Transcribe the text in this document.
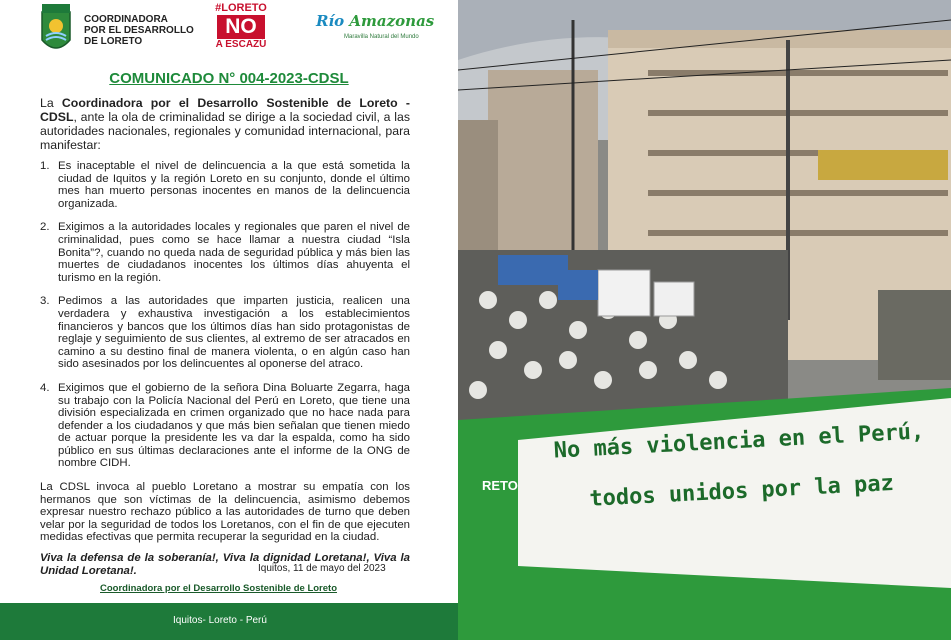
COORDINADORA
POR EL DESARROLLO
DE LORETO
#LORETO
NO
A ESCAZÚ
Río Amazonas
Maravilla Natural del Mundo
COMUNICADO N° 004-2023-CDSL

La Coordinadora por el Desarrollo Sostenible de Loreto - CDSL, ante la ola de criminalidad se dirige a la sociedad civil, a las autoridades nacionales, regionales y comunidad internacional, para manifestar:

1. Es inaceptable el nivel de delincuencia a la que está sometida la ciudad de Iquitos y la región Loreto en su conjunto, donde el último mes han muerto personas inocentes en manos de la delincuencia organizada.
2. Exigimos a la autoridades locales y regionales que paren el nivel de criminalidad, pues como se hace llamar a nuestra ciudad “Isla Bonita”?, cuando no queda nada de seguridad pública y más bien las muertes de ciudadanos inocentes los últimos días ahuyenta el turismo en la región.
3. Pedimos a las autoridades que imparten justicia, realicen una verdadera y exhaustiva investigación a los establecimientos financieros y bancos que los últimos días han sido protagonistas de reglaje y seguimiento de sus clientes, al extremo de ser atracados en camino a su destino final de manera violenta, o en algún caso han sido asesinados por los delincuentes al oponerse del atraco.
4. Exigimos que el gobierno de la señora Dina Boluarte Zegarra, haga su trabajo con la Policía Nacional del Perú en Loreto, que tiene una división especializada en crimen organizado que no hace nada para defender a los ciudadanos y que más bien señalan que tienen miedo de actuar porque la presidente les va dar la espalda, como ha sido público en sus últimas declaraciones ante el informe de la ONG de nombre CIDH.

La CDSL invoca al pueblo Loretano a mostrar su empatía con los hermanos que son víctimas de la delincuencia, asimismo debemos expresar nuestro rechazo público a las autoridades de turno que deben velar por la seguridad de todos los Loretanos, con el fin de que ejecuten medidas efectivas que permita recuperar la seguridad en la ciudad.

Viva la defensa de la soberanía!, Viva la dignidad Loretana!, Viva la Unidad Loretana!.	Iquitos, 11 de mayo del 2023
Coordinadora por el Desarrollo Sostenible de Loreto
Iquitos- Loreto - Perú
No más violencia en el Perú,
todos unidos por la paz
RETO
